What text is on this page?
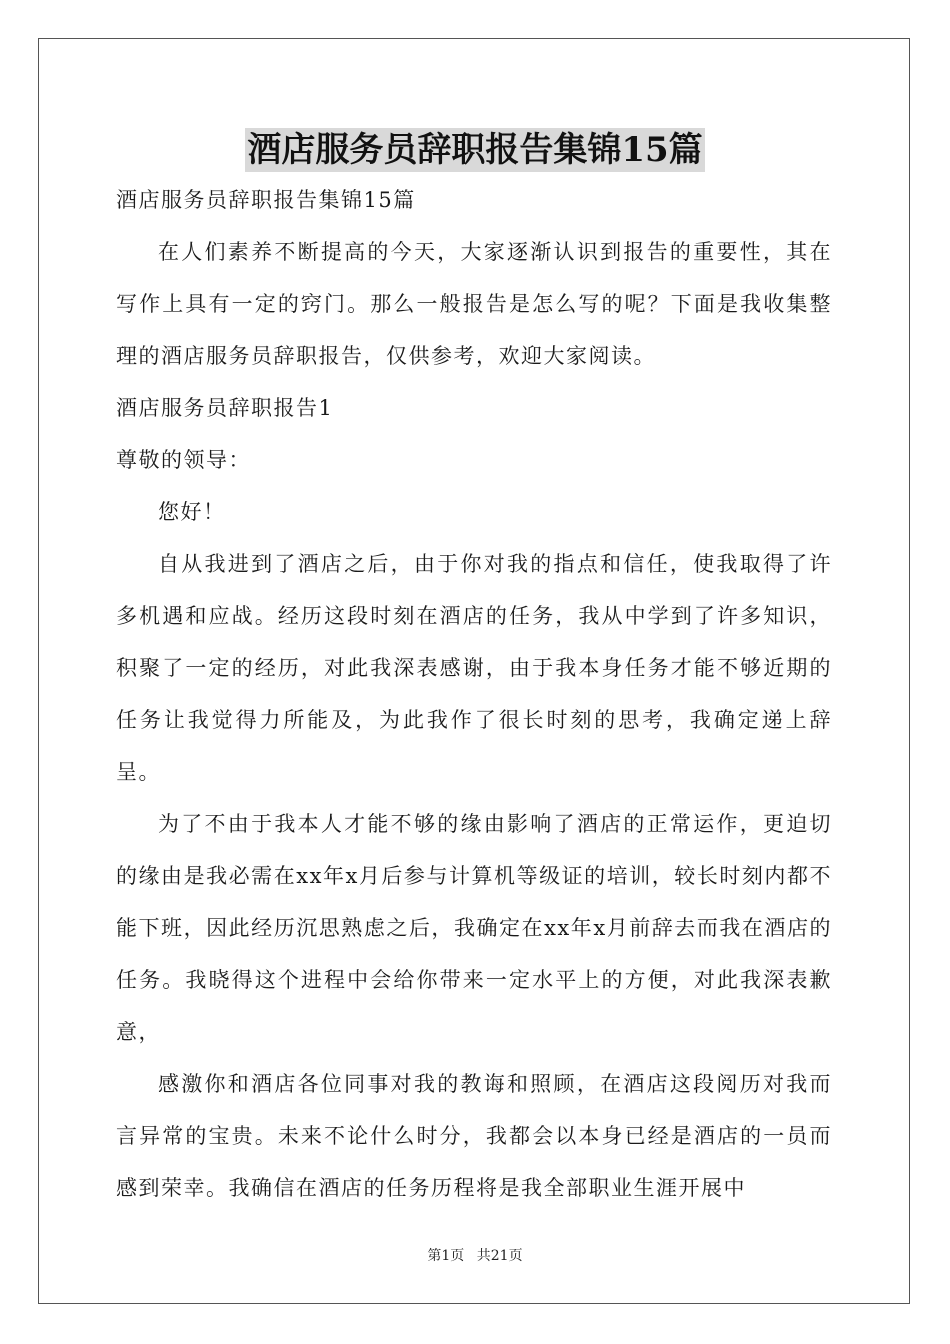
酒店服务员辞职报告集锦15篇

酒店服务员辞职报告集锦15篇

在人们素养不断提高的今天，大家逐渐认识到报告的重要性，其在写作上具有一定的窍门。那么一般报告是怎么写的呢？下面是我收集整理的酒店服务员辞职报告，仅供参考，欢迎大家阅读。

酒店服务员辞职报告1

尊敬的领导：

您好！

自从我进到了酒店之后，由于你对我的指点和信任，使我取得了许多机遇和应战。经历这段时刻在酒店的任务，我从中学到了许多知识，积聚了一定的经历，对此我深表感谢，由于我本身任务才能不够近期的任务让我觉得力所能及，为此我作了很长时刻的思考，我确定递上辞呈。

为了不由于我本人才能不够的缘由影响了酒店的正常运作，更迫切的缘由是我必需在xx年x月后参与计算机等级证的培训，较长时刻内都不能下班，因此经历沉思熟虑之后，我确定在xx年x月前辞去而我在酒店的任务。我晓得这个进程中会给你带来一定水平上的方便，对此我深表歉意，

感激你和酒店各位同事对我的教诲和照顾，在酒店这段阅历对我而言异常的宝贵。未来不论什么时分，我都会以本身已经是酒店的一员而感到荣幸。我确信在酒店的任务历程将是我全部职业生涯开展中

第1页 共21页
